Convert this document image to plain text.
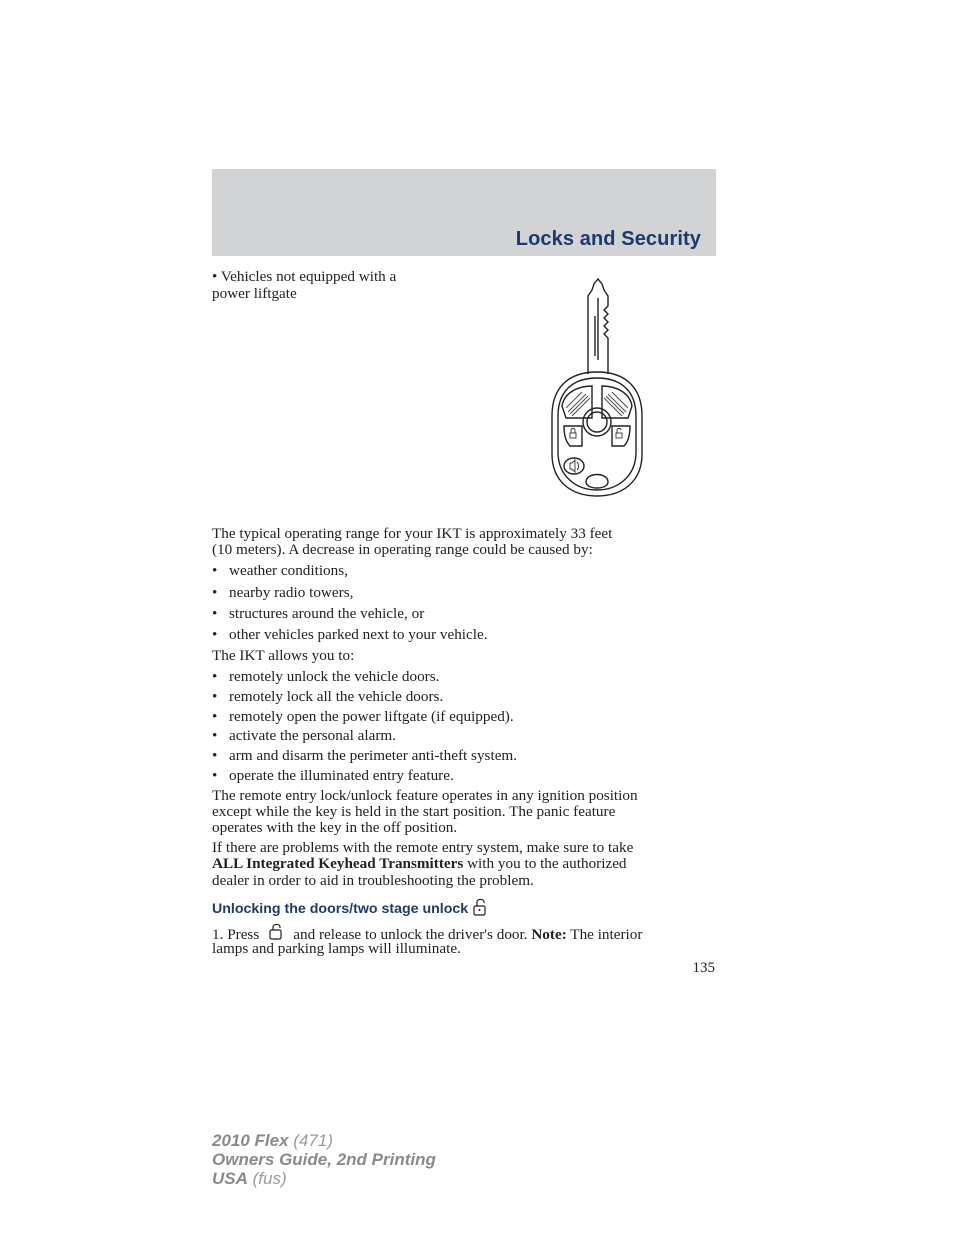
Locks and Security
• Vehicles not equipped with a
power liftgate
The typical operating range for your IKT is approximately 33 feet
(10 meters). A decrease in operating range could be caused by:
• weather conditions,
• nearby radio towers,
• structures around the vehicle, or
• other vehicles parked next to your vehicle.
The IKT allows you to:
• remotely unlock the vehicle doors.
• remotely lock all the vehicle doors.
• remotely open the power liftgate (if equipped).
• activate the personal alarm.
• arm and disarm the perimeter anti-theft system.
• operate the illuminated entry feature.
The remote entry lock/unlock feature operates in any ignition position
except while the key is held in the start position. The panic feature
operates with the key in the off position.
If there are problems with the remote entry system, make sure to take
ALL Integrated Keyhead Transmitters with you to the authorized
dealer in order to aid in troubleshooting the problem.
Unlocking the doors/two stage unlock
1. Press and release to unlock the driver's door. Note: The interior
lamps and parking lamps will illuminate.
135
2010 Flex (471)
Owners Guide, 2nd Printing
USA (fus)
